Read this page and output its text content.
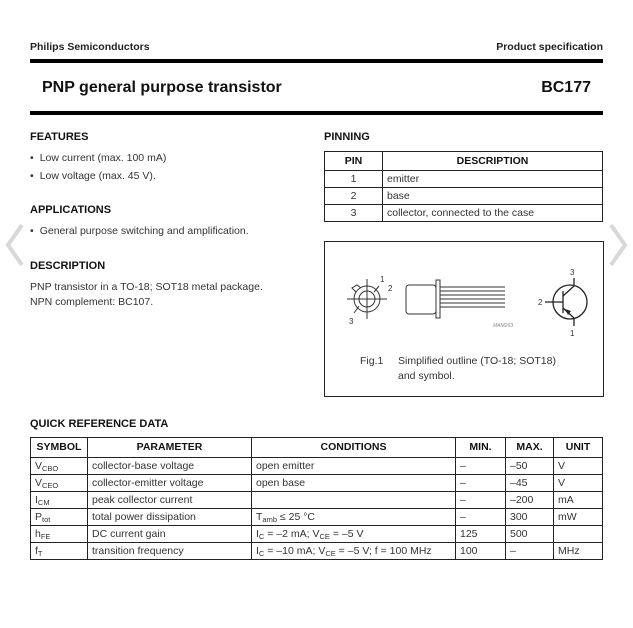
Philips Semiconductors	Product specification
PNP general purpose transistor	BC177
FEATURES
• Low current (max. 100 mA)
• Low voltage (max. 45 V).
APPLICATIONS
• General purpose switching and amplification.
DESCRIPTION
PNP transistor in a TO-18; SOT18 metal package.
NPN complement: BC107.
PINNING
PIN	DESCRIPTION
1	emitter
2	base
3	collector, connected to the case
1
2
3	MAM263
3
2
1
Fig.1 Simplified outline (TO-18; SOT18)
and symbol.
QUICK REFERENCE DATA
SYMBOL	PARAMETER	CONDITIONS	MIN.	MAX.	UNIT
$V_{CBO}$	collector-base voltage	open emitter	–	–50	V
$V_{CEO}$	collector-emitter voltage	open base	–	–45	V
$I_{CM}$	peak collector current		–	–200	mA
$P_{tot}$	total power dissipation	$T_{amb} \le 25$ °C	–	300	mW
$h_{FE}$	DC current gain	$I_C = -2$ mA; $V_{CE} = -5$ V	125	500	
$f_T$	transition frequency	$I_C = -10$ mA; $V_{CE} = -5$ V; f = 100 MHz	100	–	MHz
